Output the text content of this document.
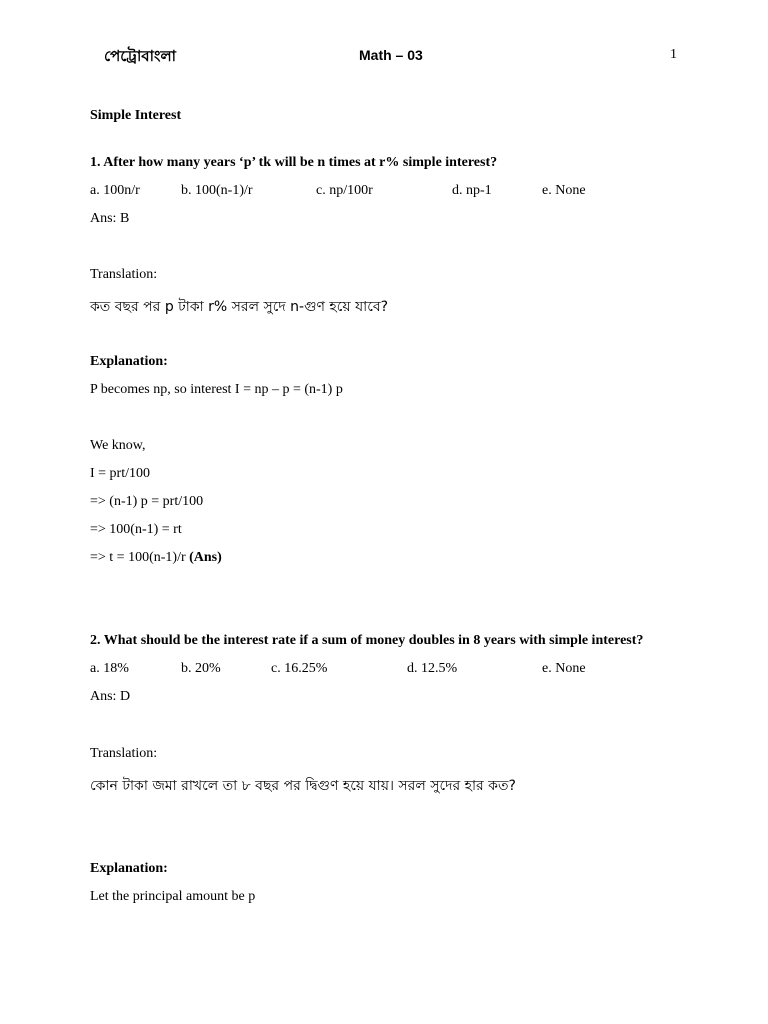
পেট্রোবাংলা	Math – 03	1
Simple Interest
1. After how many years ‘p’ tk will be n times at r% simple interest?
a. 100n/r	b. 100(n-1)/r	c. np/100r	d. np-1	e. None
Ans: B
Translation:
কত বছর পর p টাকা r% সরল সুদে n-গুণ হয়ে যাবে?
Explanation:
P becomes np, so interest I = np – p = (n-1) p
We know,
I = prt/100
=> (n-1) p = prt/100
=> 100(n-1) = rt
=> t = 100(n-1)/r (Ans)
2. What should be the interest rate if a sum of money doubles in 8 years with simple interest?
a. 18%	b. 20%	c. 16.25%	d. 12.5%	e. None
Ans: D
Translation:
কোন টাকা জমা রাখলে তা ৮ বছর পর দ্বিগুণ হয়ে যায়। সরল সুদের হার কত?
Explanation:
Let the principal amount be p
